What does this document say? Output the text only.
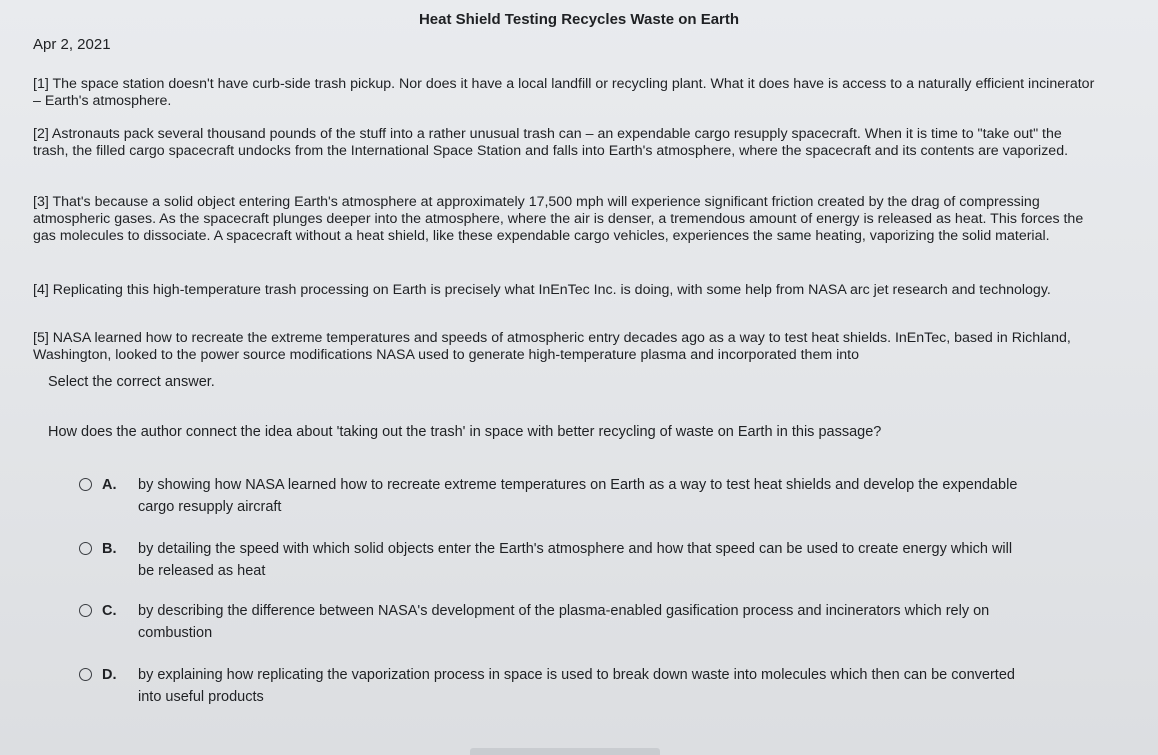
Heat Shield Testing Recycles Waste on Earth
Apr 2, 2021
[1] The space station doesn't have curb-side trash pickup. Nor does it have a local landfill or recycling plant. What it does have is access to a naturally efficient incinerator – Earth's atmosphere.
[2] Astronauts pack several thousand pounds of the stuff into a rather unusual trash can – an expendable cargo resupply spacecraft. When it is time to "take out" the trash, the filled cargo spacecraft undocks from the International Space Station and falls into Earth's atmosphere, where the spacecraft and its contents are vaporized.
[3] That's because a solid object entering Earth's atmosphere at approximately 17,500 mph will experience significant friction created by the drag of compressing atmospheric gases. As the spacecraft plunges deeper into the atmosphere, where the air is denser, a tremendous amount of energy is released as heat. This forces the gas molecules to dissociate. A spacecraft without a heat shield, like these expendable cargo vehicles, experiences the same heating, vaporizing the solid material.
[4] Replicating this high-temperature trash processing on Earth is precisely what InEnTec Inc. is doing, with some help from NASA arc jet research and technology.
[5] NASA learned how to recreate the extreme temperatures and speeds of atmospheric entry decades ago as a way to test heat shields. InEnTec, based in Richland, Washington, looked to the power source modifications NASA used to generate high-temperature plasma and incorporated them into
Select the correct answer.
How does the author connect the idea about 'taking out the trash' in space with better recycling of waste on Earth in this passage?
A.	by showing how NASA learned how to recreate extreme temperatures on Earth as a way to test heat shields and develop the expendable cargo resupply aircraft
B.	by detailing the speed with which solid objects enter the Earth's atmosphere and how that speed can be used to create energy which will be released as heat
C.	by describing the difference between NASA's development of the plasma-enabled gasification process and incinerators which rely on combustion
D.	by explaining how replicating the vaporization process in space is used to break down waste into molecules which then can be converted into useful products
